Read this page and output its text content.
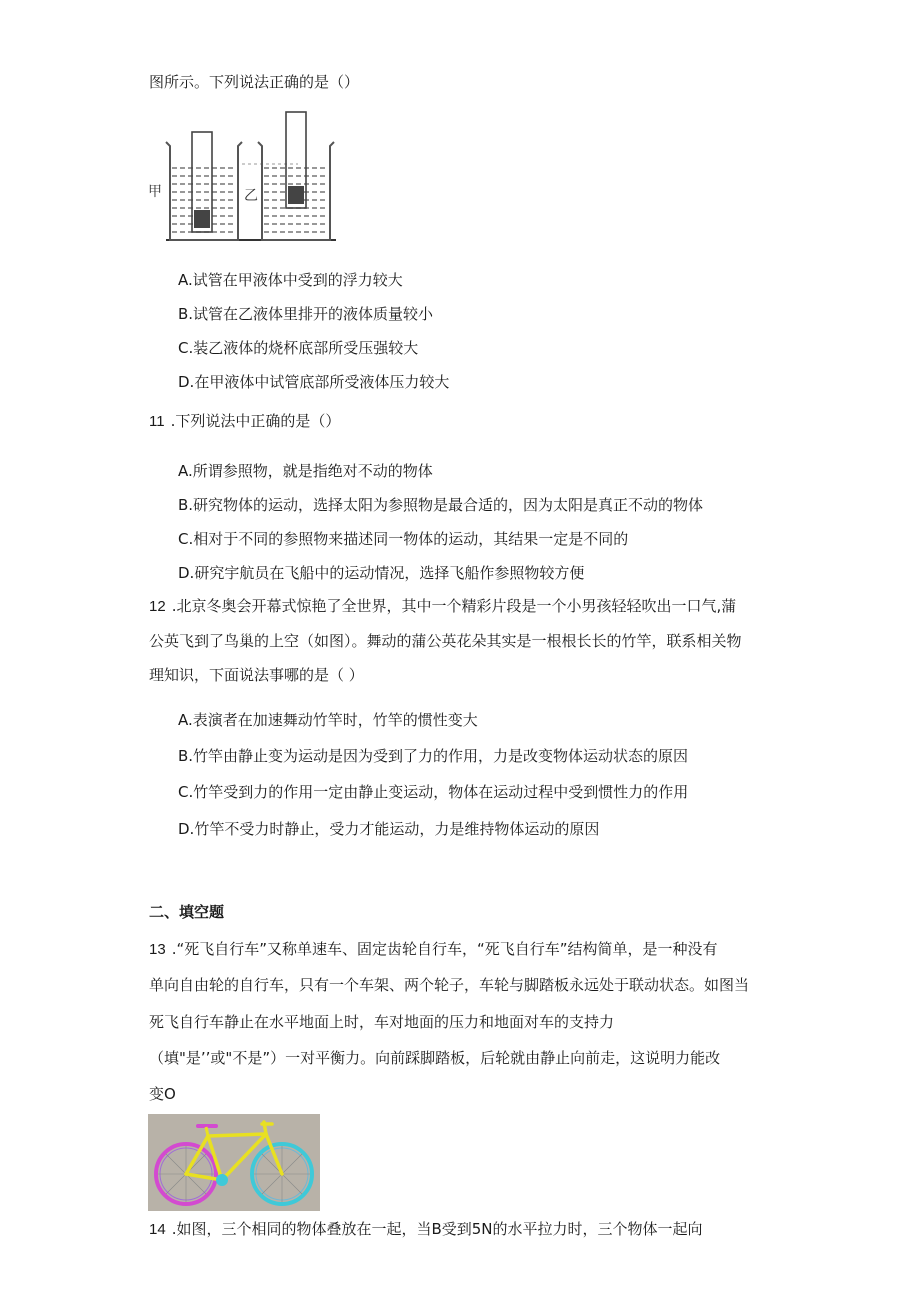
图所示。下列说法正确的是（）
甲	乙
A.试管在甲液体中受到的浮力较大
B.试管在乙液体里排开的液体质量较小
C.装乙液体的烧杯底部所受压强较大
D.在甲液体中试管底部所受液体压力较大
11 .下列说法中正确的是（）
A.所谓参照物，就是指绝对不动的物体
B.研究物体的运动，选择太阳为参照物是最合适的，因为太阳是真正不动的物体
C.相对于不同的参照物来描述同一物体的运动，其结果一定是不同的
D.研究宇航员在飞船中的运动情况，选择飞船作参照物较方便
12 .北京冬奥会开幕式惊艳了全世界，其中一个精彩片段是一个小男孩轻轻吹出一口气,蒲
公英飞到了鸟巢的上空（如图）。舞动的蒲公英花朵其实是一根根长长的竹竿，联系相关物
理知识，下面说法事哪的是（ ）
A.表演者在加速舞动竹竿时，竹竿的惯性变大
B.竹竿由静止变为运动是因为受到了力的作用，力是改变物体运动状态的原因
C.竹竿受到力的作用一定由静止变运动，物体在运动过程中受到惯性力的作用
D.竹竿不受力时静止，受力才能运动，力是维持物体运动的原因
二、填空题
13 .“死飞自行车”又称单速车、固定齿轮自行车，“死飞自行车”结构简单，是一种没有
单向自由轮的自行车，只有一个车架、两个轮子，车轮与脚踏板永远处于联动状态。如图当
死飞自行车静止在水平地面上时，车对地面的压力和地面对车的支持力
（填"是’’或"不是”）一对平衡力。向前踩脚踏板，后轮就由静止向前走，这说明力能改
变O
14 .如图，三个相同的物体叠放在一起，当B受到5N的水平拉力时，三个物体一起向
